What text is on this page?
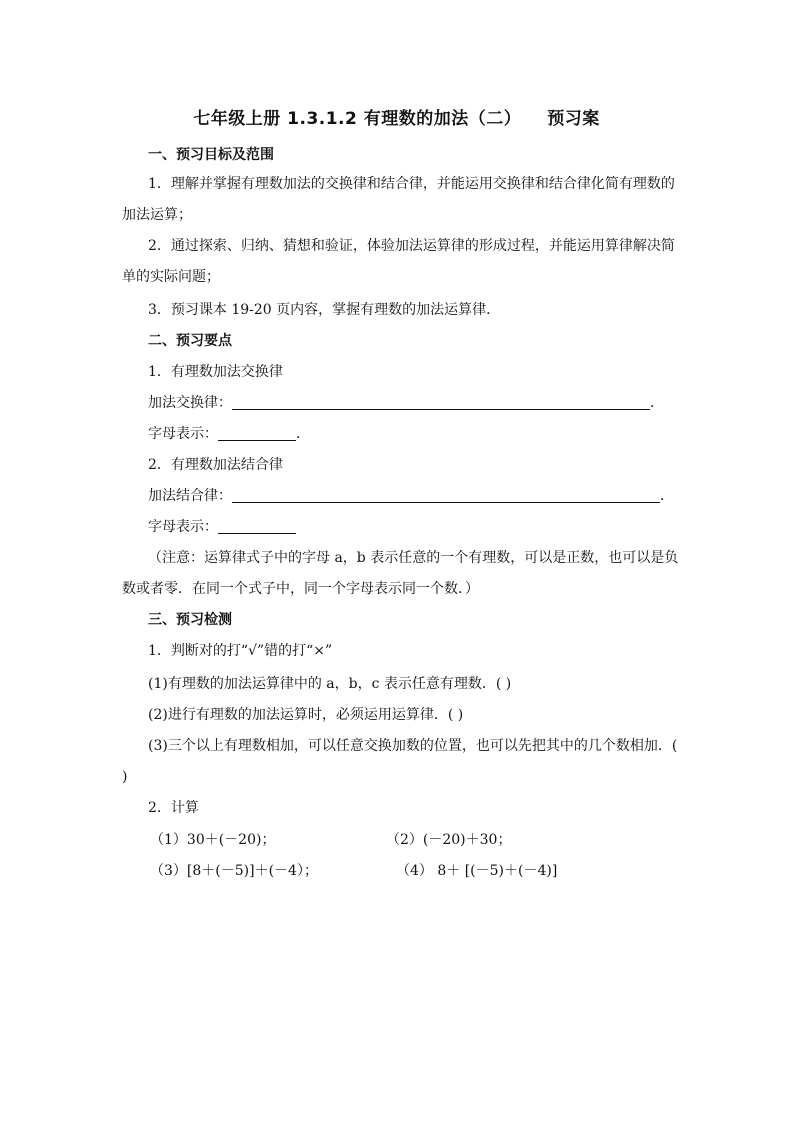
七年级上册 1.3.1.2 有理数的加法（二） 预习案
一、预习目标及范围
1．理解并掌握有理数加法的交换律和结合律，并能运用交换律和结合律化简有理数的加法运算；
2．通过探索、归纳、猜想和验证，体验加法运算律的形成过程，并能运用算律解决简单的实际问题；
3．预习课本 19-20 页内容，掌握有理数的加法运算律．
二、预习要点
1．有理数加法交换律
加法交换律：	．
字母表示：	．
2．有理数加法结合律
加法结合律：	．
字母表示：
（注意：运算律式子中的字母 a，b 表示任意的一个有理数，可以是正数，也可以是负数或者零．在同一个式子中，同一个字母表示同一个数．）
三、预习检测
1．判断对的打“√”错的打“×”
(1)有理数的加法运算律中的 a，b，c 表示任意有理数．( )
(2)进行有理数的加法运算时，必须运用运算律．( )
(3)三个以上有理数相加，可以任意交换加数的位置，也可以先把其中的几个数相加．( )
2．计算
（1）30＋(－20)；	（2）(－20)＋30；
（3）[8＋(－5)]＋(－4）；	（4） 8＋ [(－5)＋(－4)]
